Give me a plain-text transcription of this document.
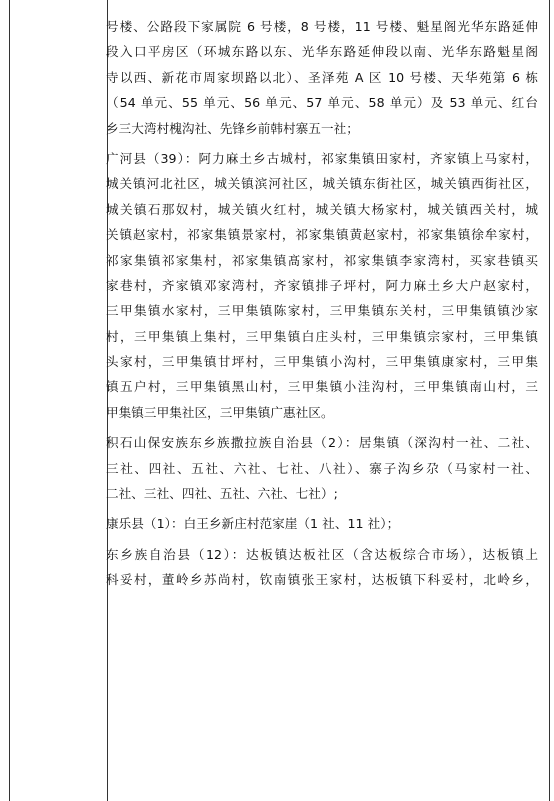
号楼、公路段下家属院 6 号楼，8 号楼，11 号楼、魁星阁光华东路延伸
段入口平房区（环城东路以东、光华东路延伸段以南、光华东路魁星阁
寺以西、新花市周家坝路以北）、圣泽苑 A 区 10 号楼、天华苑第 6 栋
（54 单元、55 单元、56 单元、57 单元、58 单元）及 53 单元、红台
乡三大湾村槐沟社、先锋乡前韩村寨五一社；
广河县（39）：阿力麻土乡古城村，祁家集镇田家村，齐家镇上马家村，
城关镇河北社区，城关镇滨河社区，城关镇东街社区，城关镇西街社区，
城关镇石那奴村，城关镇火红村，城关镇大杨家村，城关镇西关村，城
关镇赵家村，祁家集镇景家村，祁家集镇黄赵家村，祁家集镇徐牟家村，
祁家集镇祁家集村，祁家集镇髙家村，祁家集镇李家湾村，买家巷镇买
家巷村，齐家镇邓家湾村，齐家镇排子坪村，阿力麻土乡大户赵家村，
三甲集镇水家村，三甲集镇陈家村，三甲集镇东关村，三甲集镇镇沙家
村，三甲集镇上集村，三甲集镇白庄头村，三甲集镇宗家村，三甲集镇
头家村，三甲集镇甘坪村，三甲集镇小沟村，三甲集镇康家村，三甲集
镇五户村，三甲集镇黑山村，三甲集镇小洼沟村，三甲集镇南山村，三
甲集镇三甲集社区，三甲集镇广惠社区。
积石山保安族东乡族撒拉族自治县（2）：居集镇（深沟村一社、二社、
三社、四社、五社、六社、七社、八社）、寨子沟乡尕（马家村一社、
二社、三社、四社、五社、六社、七社）;
康乐县（1）：白王乡新庄村范家崖（1 社、11 社）；
东乡族自治县（12）：达板镇达板社区（含达板综合市场），达板镇上
科妥村，董岭乡苏尚村，钦南镇张王家村，达板镇下科妥村，北岭乡，
